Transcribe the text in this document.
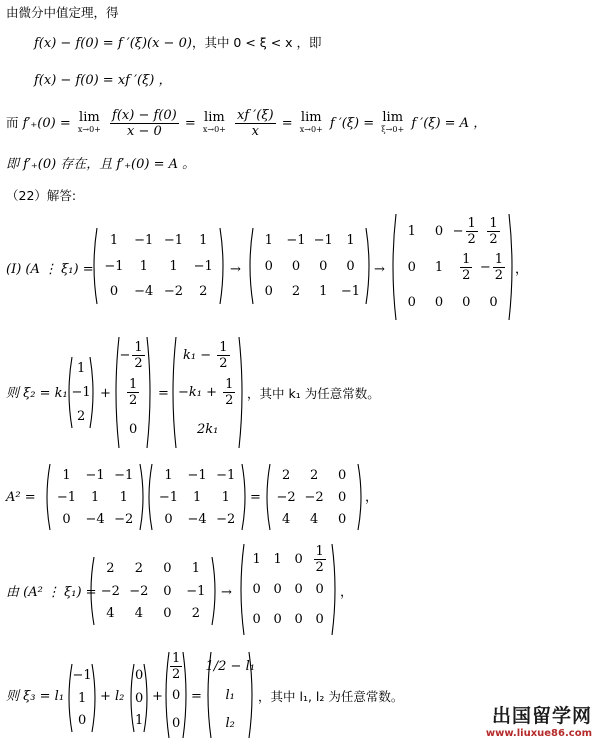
由微分中值定理，得
f(x) − f(0) = f ′(ξ)(x − 0)，其中 0 < ξ < x ，即
f(x) − f(0) = xf ′(ξ) ，
而 f′₊(0) = lim
x→0+
$\frac{f(x) - f(0)}{x - 0} = \lim$
x→0+
$\frac{xf '(\xi)}{x} = \lim$
x→0+ f ′(ξ) = lim
ξ→0+ f ′(ξ) = A ，
即 f′₊(0) 存在，且 f′₊(0) = A 。
（22）解答:
(I) (A ⋮ ξ₁) =
1 −1 −1 1
−1 1 1 −1
0 −4 −2 2
→
1 −1 −1 1
0 0 0 0
0 2 1 −1
→
1 $0 - \frac{1}{2} \frac{1}{2}$
0 $1 \frac{1}{2} - \frac{1}{2}$
0 0 0 0
，
则 ξ₂ = k₁
1
−1
2
+
− $\frac{1}{2}$
$\frac{1}{2}$
0
=
$k_1 - \frac{1}{2}$
$-k_1 + \frac{1}{2}$
2k₁
，其中 k₁ 为任意常数。
A² =
1 −1 −1
−1 1 1
0 −4 −2
1 −1 −1
−1 1 1
0 −4 −2
=
2 2 0
−2 −2 0
4 4 0
，
由 (A² ⋮ ξ₁) =
2 2 0 1
−2 −2 0 −1
4 4 0 2
→
1 1 $0 \frac{1}{2}$
0 0 0 0
0 0 0 0
，
则 ξ₃ = l₁
−1
1
0
+ l₂
0
0
1
+
$\frac{1}{2}$
0
0
=
1/2 − l₁
l₁
l₂
，其中 l₁, l₂ 为任意常数。
出国留学网
www.liuxue86.com
